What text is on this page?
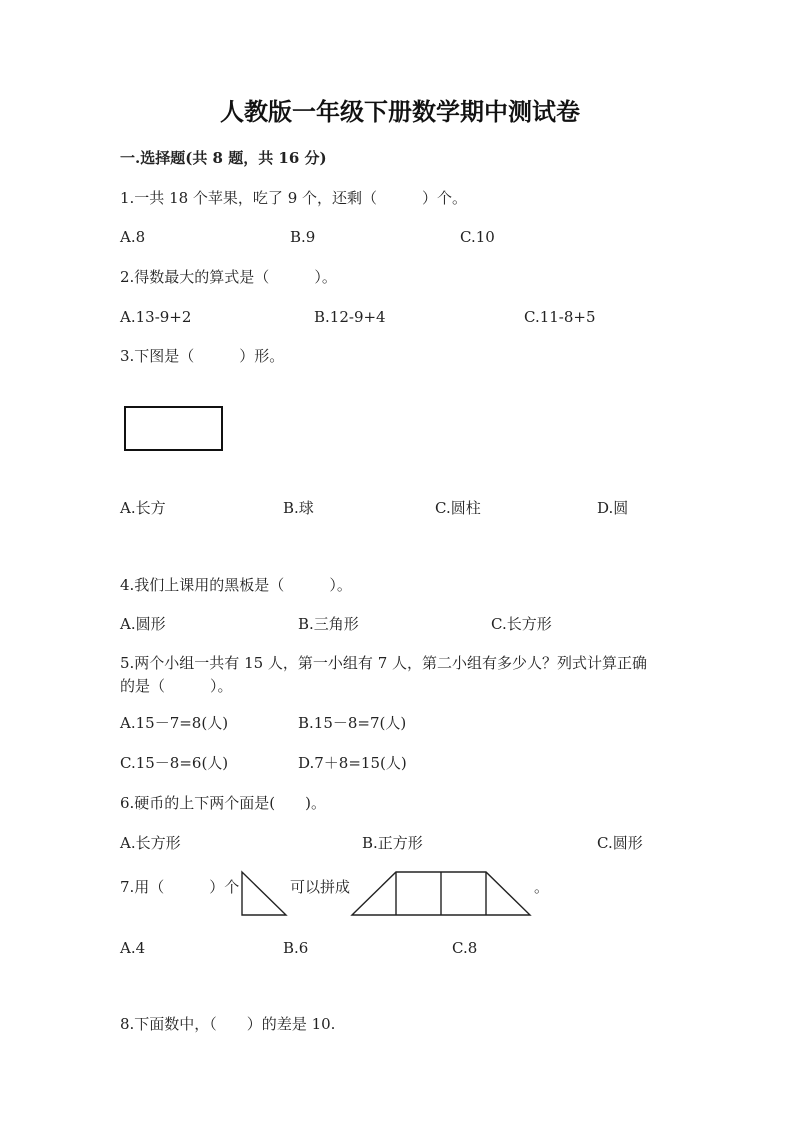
人教版一年级下册数学期中测试卷
一.选择题(共 8 题，共 16 分)
1.一共 18 个苹果，吃了 9 个，还剩（　　　）个。
A.8	B.9	C.10
2.得数最大的算式是（　　　）。
A.13-9+2	B.12-9+4	C.11-8+5
3.下图是（　　　）形。
A.长方	B.球	C.圆柱	D.圆
4.我们上课用的黑板是（　　　）。
A.圆形	B.三角形	C.长方形
5.两个小组一共有 15 人，第一小组有 7 人，第二小组有多少人？列式计算正确
的是（　　　）。
A.15－7=8(人)	B.15－8=7(人)
C.15－8=6(人)	D.7＋8=15(人)
6.硬币的上下两个面是(　　)。
A.长方形	B.正方形	C.圆形
7.用（　　　）个	可以拼成	。
A.4	B.6	C.8
8.下面数中，（　　）的差是 10.
